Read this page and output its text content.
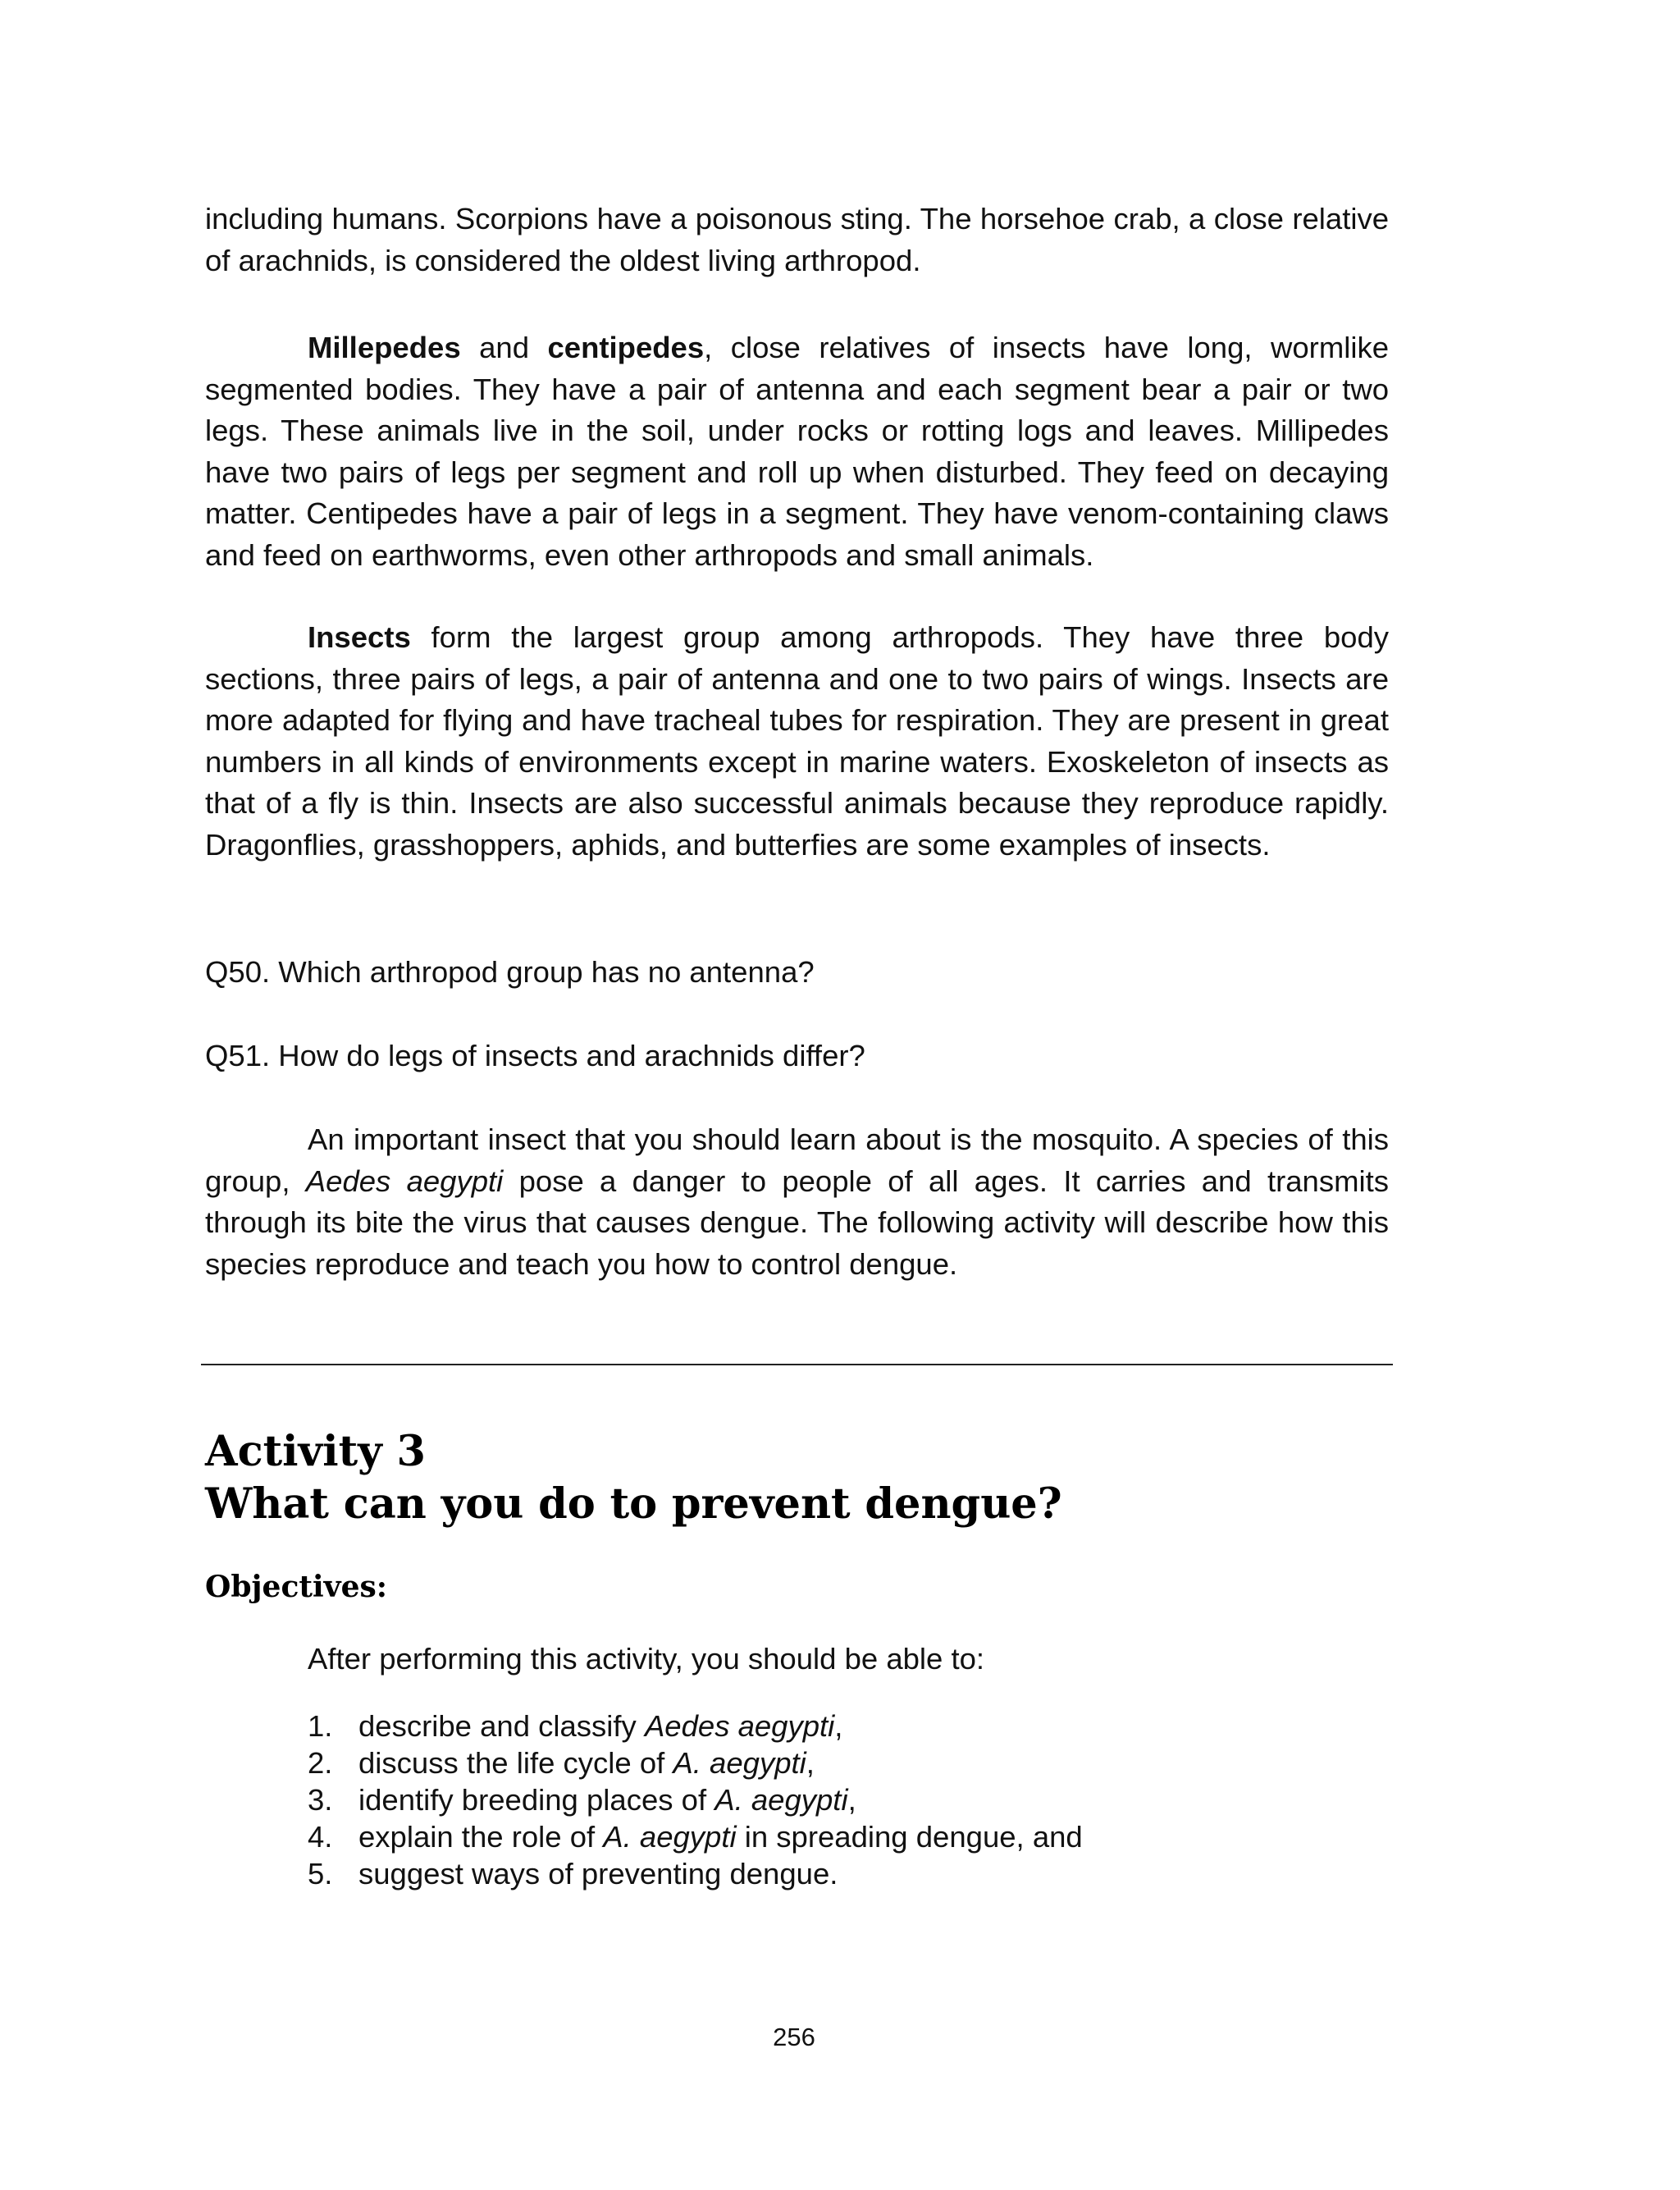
including humans. Scorpions have a poisonous sting. The horsehoe crab, a close relative of arachnids, is considered the oldest living arthropod.

Millepedes and centipedes, close relatives of insects have long, wormlike segmented bodies. They have a pair of antenna and each segment bear a pair or two legs. These animals live in the soil, under rocks or rotting logs and leaves. Millipedes have two pairs of legs per segment and roll up when disturbed. They feed on decaying matter. Centipedes have a pair of legs in a segment. They have venom-containing claws and feed on earthworms, even other arthropods and small animals.

Insects form the largest group among arthropods. They have three body sections, three pairs of legs, a pair of antenna and one to two pairs of wings. Insects are more adapted for flying and have tracheal tubes for respiration. They are present in great numbers in all kinds of environments except in marine waters. Exoskeleton of insects as that of a fly is thin. Insects are also successful animals because they reproduce rapidly. Dragonflies, grasshoppers, aphids, and butterfies are some examples of insects.

Q50. Which arthropod group has no antenna?

Q51. How do legs of insects and arachnids differ?

An important insect that you should learn about is the mosquito. A species of this group, Aedes aegypti pose a danger to people of all ages. It carries and transmits through its bite the virus that causes dengue. The following activity will describe how this species reproduce and teach you how to control dengue.

Activity 3
What can you do to prevent dengue?
Objectives:

After performing this activity, you should be able to:

1. describe and classify Aedes aegypti,
2. discuss the life cycle of A. aegypti,
3. identify breeding places of A. aegypti,
4. explain the role of A. aegypti in spreading dengue, and
5. suggest ways of preventing dengue.

256
